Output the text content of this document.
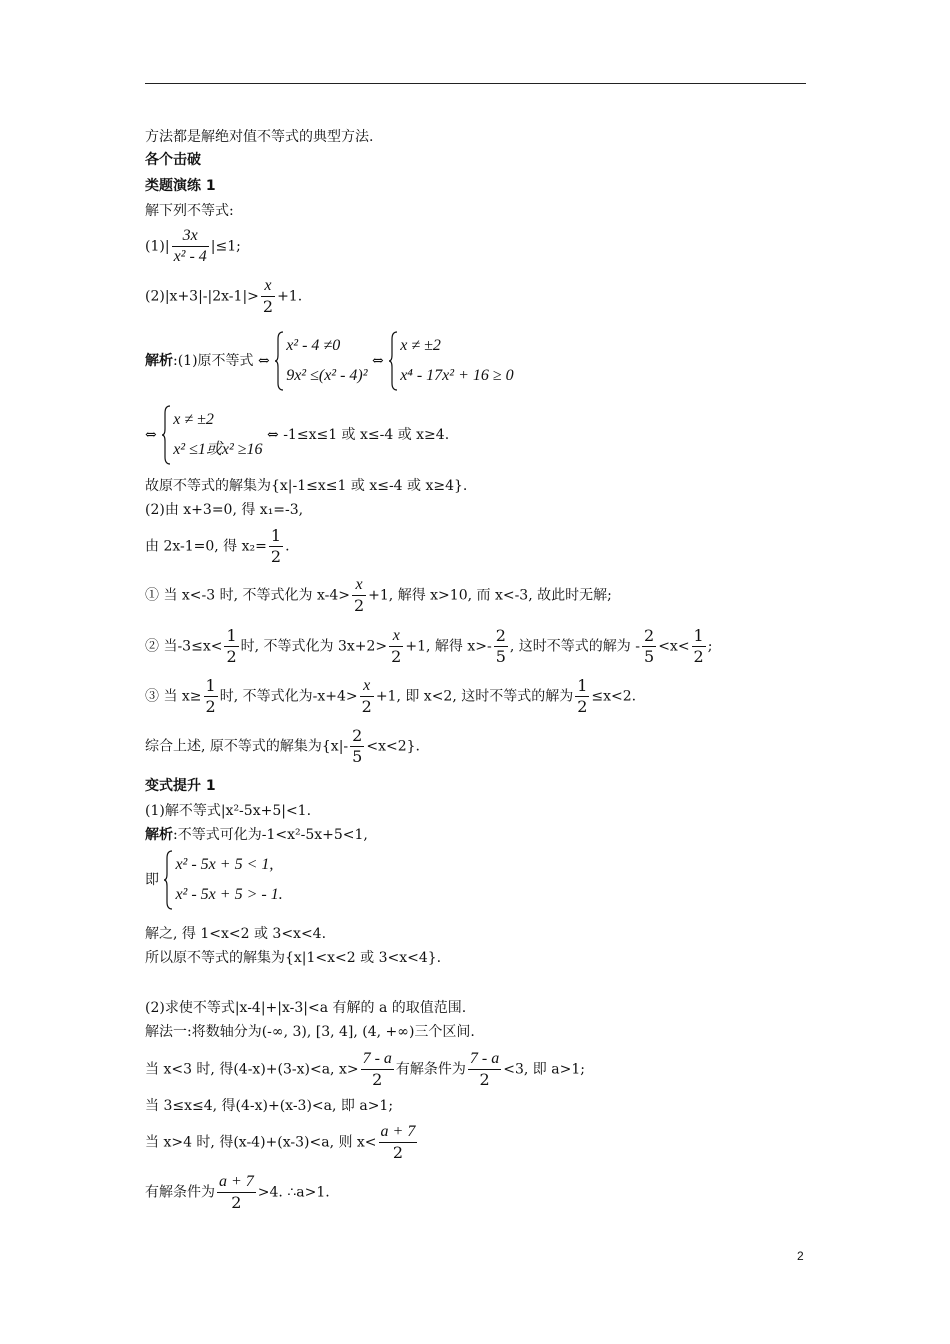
方法都是解绝对值不等式的典型方法.
各个击破
类题演练 1
解下列不等式:
$(1)| \frac{3x}{\text{x² - 4}} |\le 1$;
$(2)|x+3|-|2x-1|> \frac{x}{2} +1$.
解析:(1)原不等式 ⇔
x² - 4 ≠0
9x² ≤(x² - 4)²
⇔
x ≠ ±2
x⁴ - 17x² + 16 ≥ 0
⇔
x ≠ ±2
x² ≤1或x² ≥16
⇔ -1≤x≤1 或 x≤-4 或 x≥4.
故原不等式的解集为{x|-1≤x≤1 或 x≤-4 或 x≥4}.
(2)由 x+3=0, 得 x₁=-3,
由 2x-1=0, 得 $x_2= \frac{1}{2}$ .
① 当 x<-3 时, 不等式化为 $x-4> \frac{x}{2} +1$, 解得 x>10, 而 x<-3, 故此时无解;
② 当$-3\le x< \frac{1}{2}$ 时, 不等式化为 $3x+2> \frac{x}{2} +1$, 解得 $x>- \frac{2}{5}$ , 这时不等式的解为 - $\frac{2}{5} <x< \frac{1}{2}$ ;
③ 当 $x\ge \frac{1}{2}$ 时, 不等式化为$-x+4> \frac{x}{2} +1$, 即 x<2, 这时不等式的解为 $\frac{1}{2} \le x<2$.
综合上述, 原不等式的解集为$\{x|- \frac{2}{5} <x<2\}$.
变式提升 1
(1)解不等式|x²-5x+5|<1.
解析:不等式可化为-1<x²-5x+5<1,
即
x² - 5x + 5 < 1,
x² - 5x + 5 > - 1.
解之, 得 1<x<2 或 3<x<4.
所以原不等式的解集为{x|1<x<2 或 3<x<4}.
(2)求使不等式|x-4|+|x-3|<a 有解的 a 的取值范围.
解法一:将数轴分为(-∞, 3), [3, 4], (4, +∞)三个区间.
当 x<3 时, 得(4-x)+(3-x)<a, $x> \frac{7 - a}{2}$ 有解条件为 $\frac{7 - a}{2} <3$, 即 a>1;
当 3≤x≤4, 得(4-x)+(x-3)<a, 即 a>1;
当 x>4 时, 得(x-4)+(x-3)<a, 则 $x< \frac{a + 7}{2}$
有解条件为 $\frac{a + 7}{2} >4$. ∴a>1.
2
